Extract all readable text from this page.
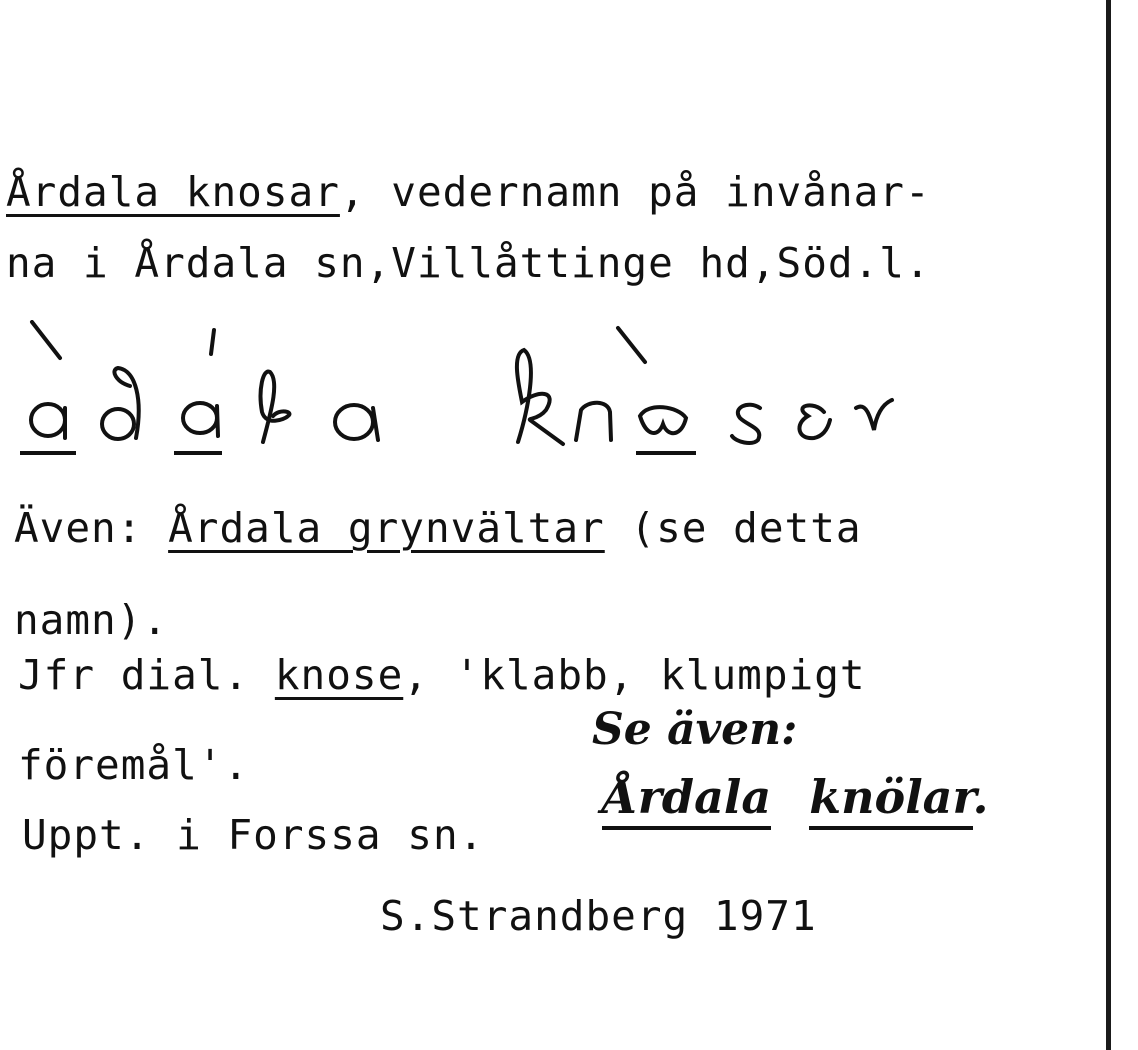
Årdala knosar, vedernamn på invånar-
na i Årdala sn,Villåttinge hd,Söd.l.
Även: Årdala grynvältar (se detta
namn).
Jfr dial. knose, 'klabb, klumpigt
föremål'.
Uppt. i Forssa sn.
Se även:
Årdala knölar.
S.Strandberg 1971
